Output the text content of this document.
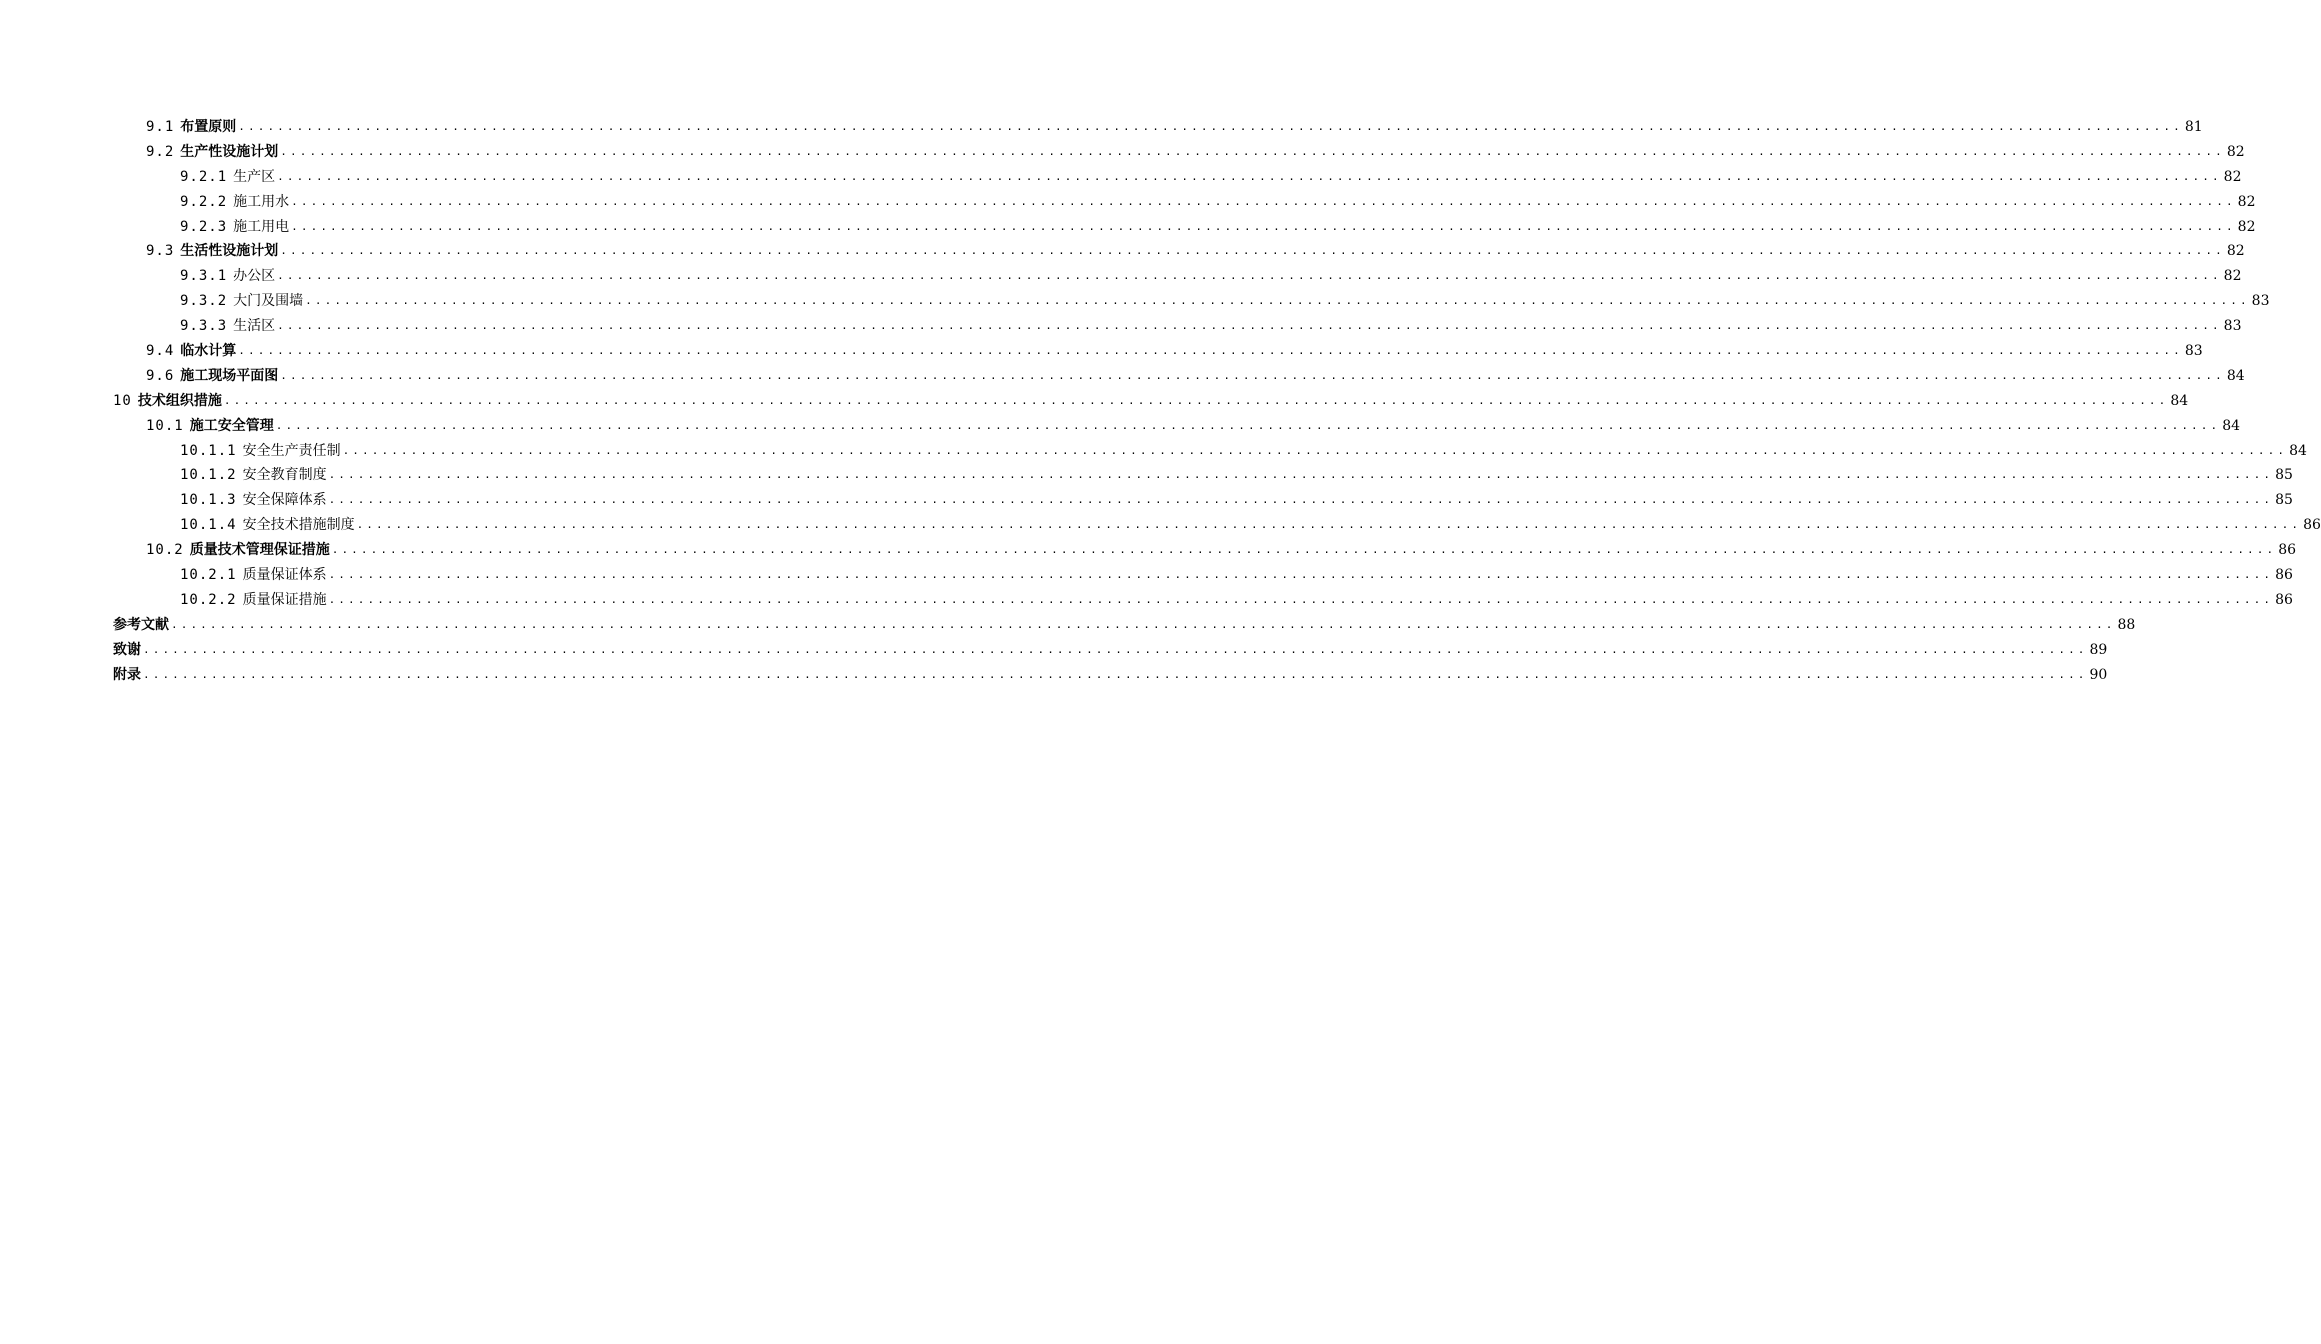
9.1 布置原则 ........................................................................................................................................................................................................ 81
9.2 生产性设施计划 ........................................................................................................................................................................................................ 82
9.2.1 生产区 ........................................................................................................................................................................................................ 82
9.2.2 施工用水 ........................................................................................................................................................................................................ 82
9.2.3 施工用电 ........................................................................................................................................................................................................ 82
9.3 生活性设施计划 ........................................................................................................................................................................................................ 82
9.3.1 办公区 ........................................................................................................................................................................................................ 82
9.3.2 大门及围墙 ........................................................................................................................................................................................................ 83
9.3.3 生活区 ........................................................................................................................................................................................................ 83
9.4 临水计算 ........................................................................................................................................................................................................ 83
9.6 施工现场平面图 ........................................................................................................................................................................................................ 84
10 技术组织措施 ........................................................................................................................................................................................................ 84
10.1 施工安全管理 ........................................................................................................................................................................................................ 84
10.1.1 安全生产责任制 ........................................................................................................................................................................................................ 84
10.1.2 安全教育制度 ........................................................................................................................................................................................................ 85
10.1.3 安全保障体系 ........................................................................................................................................................................................................ 85
10.1.4 安全技术措施制度 ........................................................................................................................................................................................................ 86
10.2 质量技术管理保证措施 ........................................................................................................................................................................................................ 86
10.2.1 质量保证体系 ........................................................................................................................................................................................................ 86
10.2.2 质量保证措施 ........................................................................................................................................................................................................ 86
参考文献 ........................................................................................................................................................................................................ 88
致谢 ........................................................................................................................................................................................................ 89
附录 ........................................................................................................................................................................................................ 90
